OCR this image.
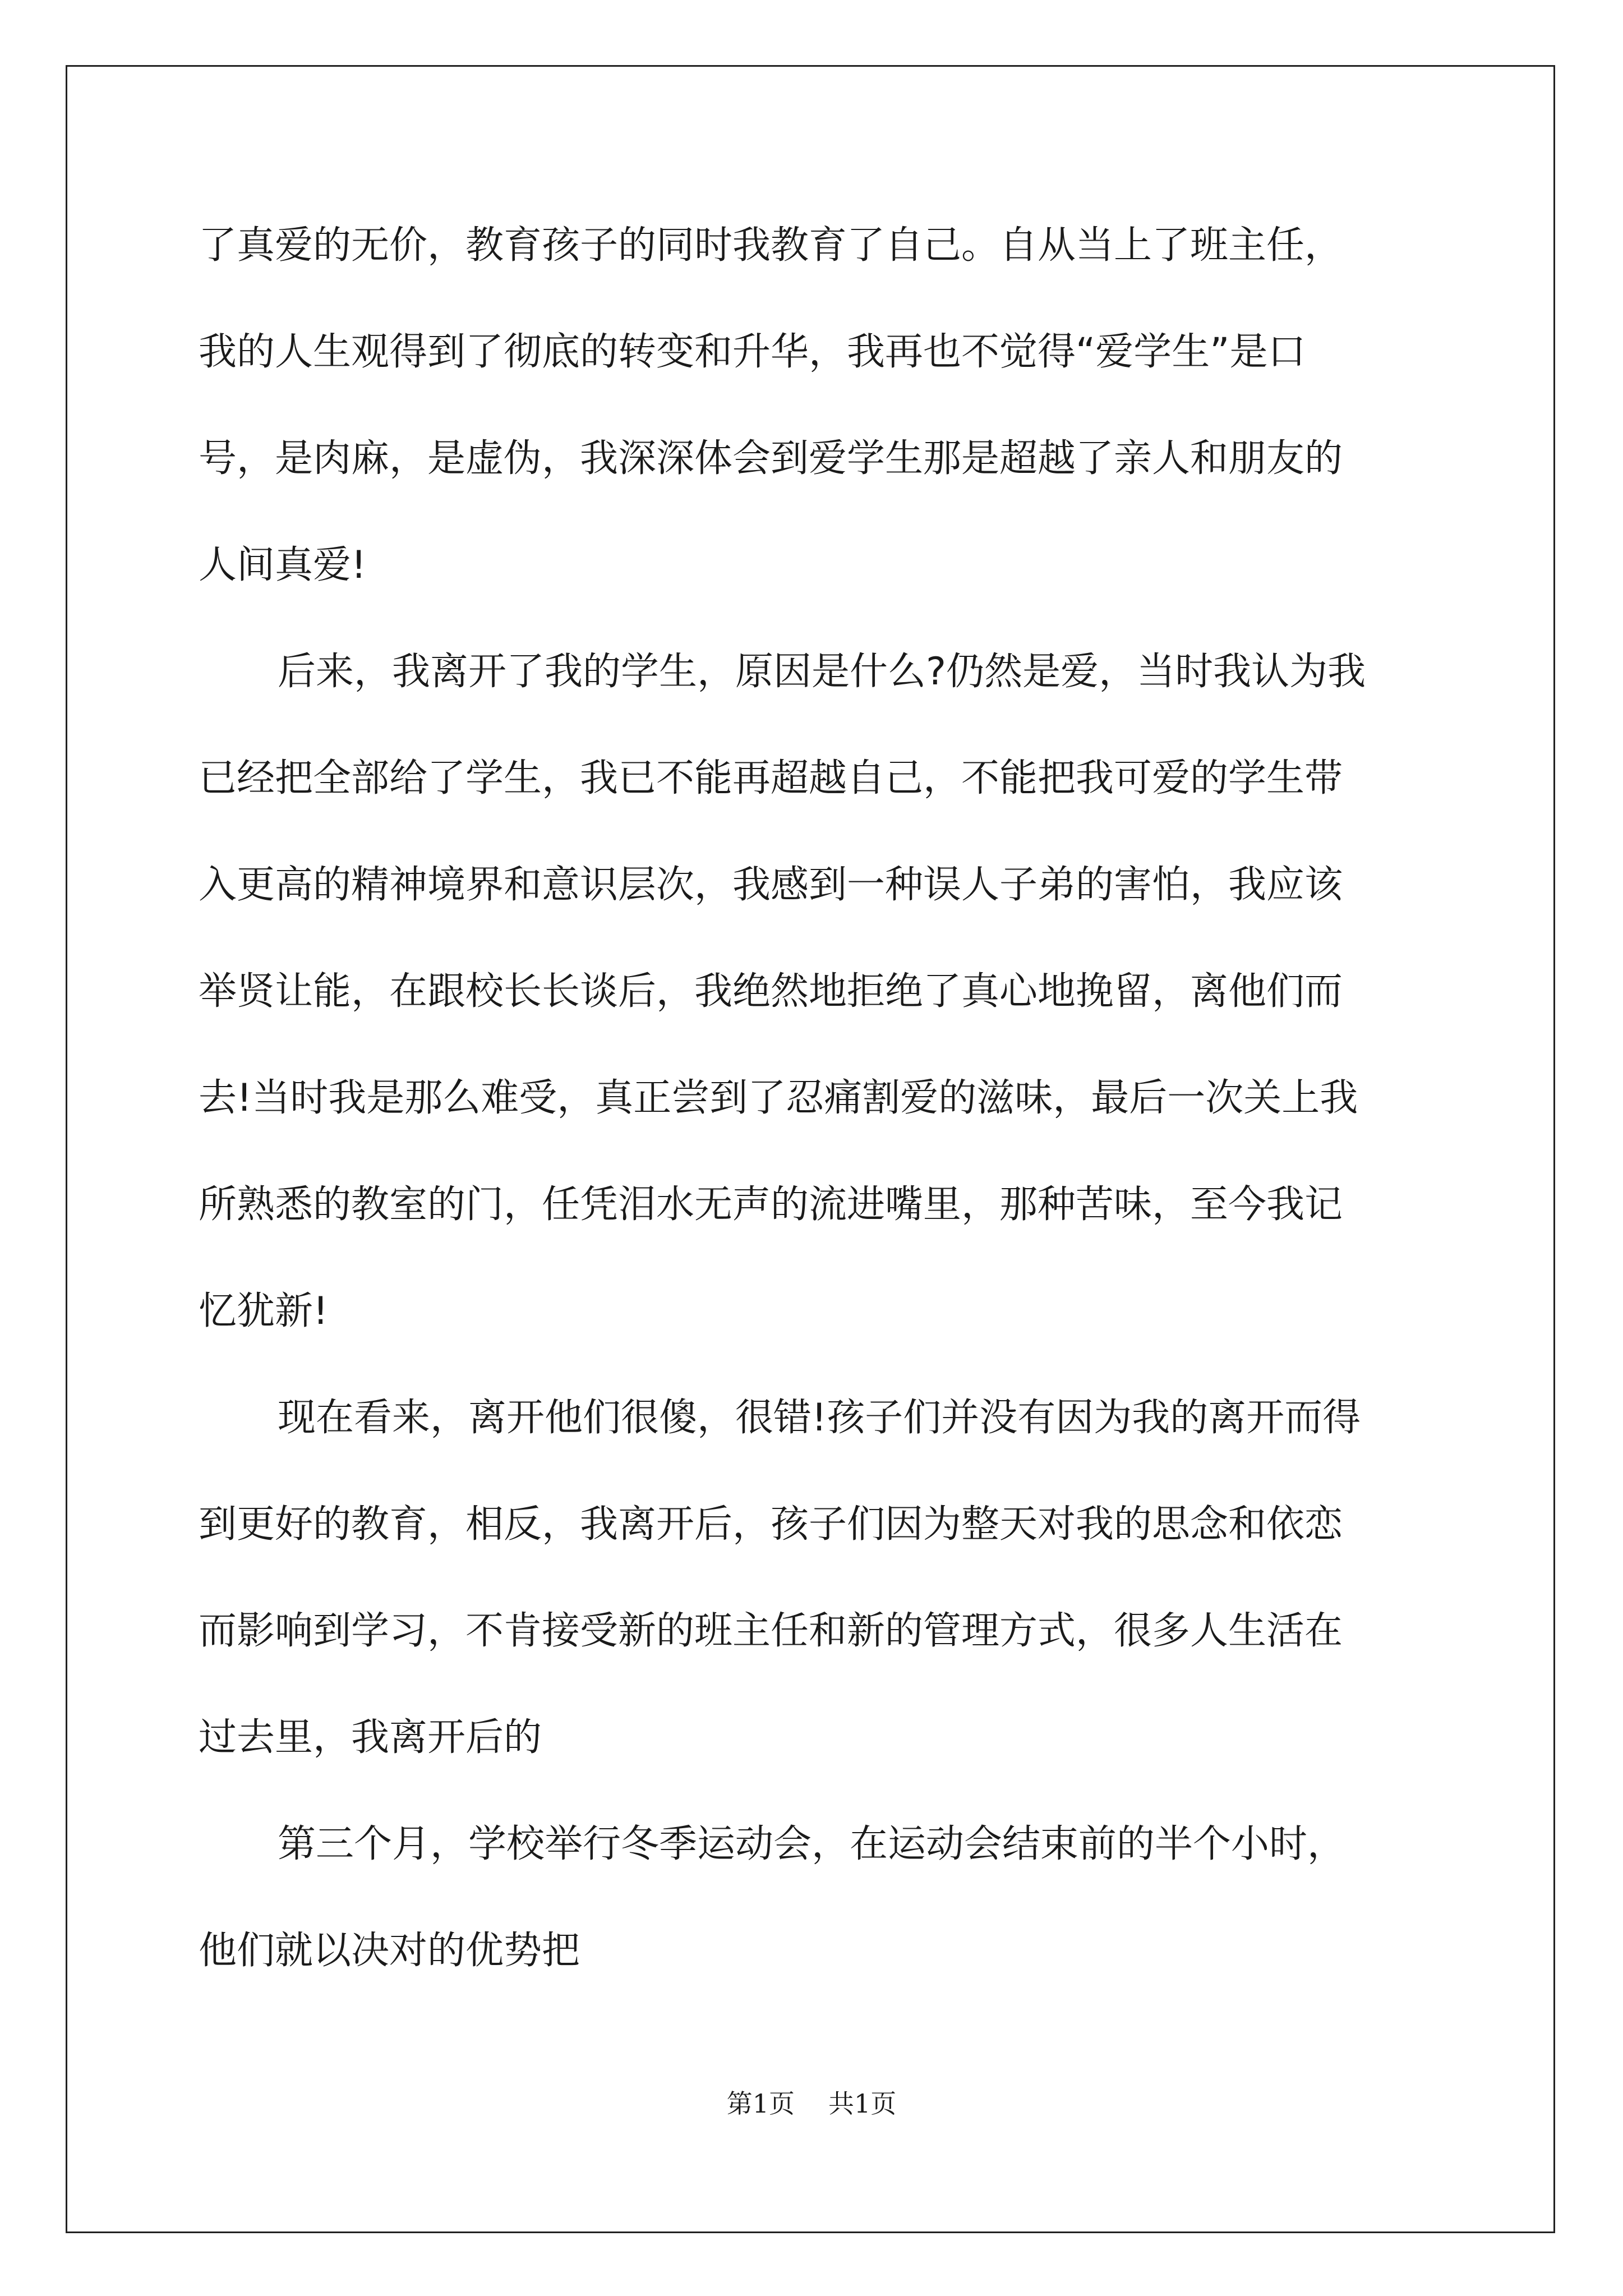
了真爱的无价，教育孩子的同时我教育了自己。自从当上了班主任，
我的人生观得到了彻底的转变和升华，我再也不觉得“爱学生”是口
号，是肉麻，是虚伪，我深深体会到爱学生那是超越了亲人和朋友的
人间真爱!
后来，我离开了我的学生，原因是什么?仍然是爱，当时我认为我
已经把全部给了学生，我已不能再超越自己，不能把我可爱的学生带
入更高的精神境界和意识层次，我感到一种误人子弟的害怕，我应该
举贤让能，在跟校长长谈后，我绝然地拒绝了真心地挽留，离他们而
去!当时我是那么难受，真正尝到了忍痛割爱的滋味，最后一次关上我
所熟悉的教室的门，任凭泪水无声的流进嘴里，那种苦味，至今我记
忆犹新!
现在看来，离开他们很傻，很错!孩子们并没有因为我的离开而得
到更好的教育，相反，我离开后，孩子们因为整天对我的思念和依恋
而影响到学习，不肯接受新的班主任和新的管理方式，很多人生活在
过去里，我离开后的
第三个月，学校举行冬季运动会，在运动会结束前的半个小时，
他们就以决对的优势把
第1页 共1页
